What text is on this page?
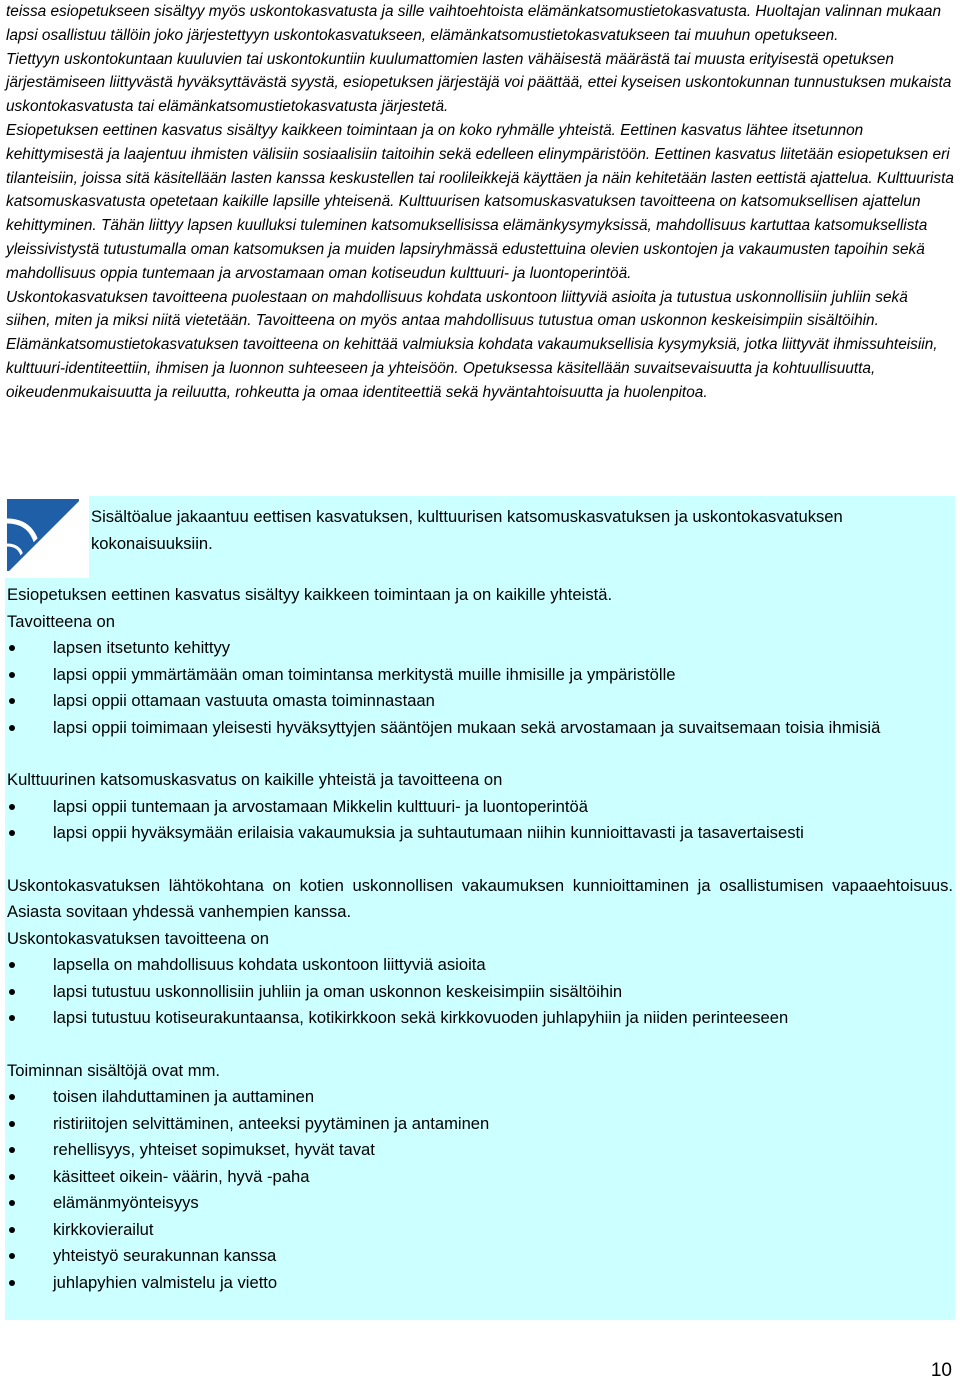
teissa esiopetukseen sisältyy myös uskontokasvatusta ja sille vaihtoehtoista elämänkatsomustietokasvatusta. Huoltajan valinnan mukaan lapsi osallistuu tällöin joko järjestettyyn uskontokasvatukseen, elämänkatsomustietokasvatukseen tai muuhun opetukseen.

Tiettyyn uskontokuntaan kuuluvien tai uskontokuntiin kuulumattomien lasten vähäisestä määrästä tai muusta erityisestä opetuksen järjestämiseen liittyvästä hyväksyttävästä syystä, esiopetuksen järjestäjä voi päättää, ettei kyseisen uskontokunnan tunnustuksen mukaista uskontokasvatusta tai elämänkatsomustietokasvatusta järjestetä.

Esiopetuksen eettinen kasvatus sisältyy kaikkeen toimintaan ja on koko ryhmälle yhteistä. Eettinen kasvatus lähtee itsetunnon kehittymisestä ja laajentuu ihmisten välisiin sosiaalisiin taitoihin sekä edelleen elinympäristöön. Eettinen kasvatus liitetään esiopetuksen eri tilanteisiin, joissa sitä käsitellään lasten kanssa keskustellen tai roolileikkejä käyttäen ja näin kehitetään lasten eettistä ajattelua. Kulttuurista katsomuskasvatusta opetetaan kaikille lapsille yhteisenä. Kulttuurisen katsomuskasvatuksen tavoitteena on katsomuksellisen ajattelun kehittyminen. Tähän liittyy lapsen kuulluksi tuleminen katsomuksellisissa elämänkysymyksissä, mahdollisuus kartuttaa katsomuksellista yleissivistystä tutustumalla oman katsomuksen ja muiden lapsiryhmässä edustettuina olevien uskontojen ja vakaumusten tapoihin sekä mahdollisuus oppia tuntemaan ja arvostamaan oman kotiseudun kulttuuri- ja luontoperintöä.

Uskontokasvatuksen tavoitteena puolestaan on mahdollisuus kohdata uskontoon liittyviä asioita ja tutustua uskonnollisiin juhliin sekä siihen, miten ja miksi niitä vietetään. Tavoitteena on myös antaa mahdollisuus tutustua oman uskonnon keskeisimpiin sisältöihin. Elämänkatsomustietokasvatuksen tavoitteena on kehittää valmiuksia kohdata vakaumuksellisia kysymyksiä, jotka liittyvät ihmissuhteisiin, kulttuuri-identiteettiin, ihmisen ja luonnon suhteeseen ja yhteisöön. Opetuksessa käsitellään suvaitsevaisuutta ja kohtuullisuutta, oikeudenmukaisuutta ja reiluutta, rohkeutta ja omaa identiteettiä sekä hyväntahtoisuutta ja huolenpitoa.

Sisältöalue jakaantuu eettisen kasvatuksen, kulttuurisen katsomuskasvatuksen ja uskontokasvatuksen kokonaisuuksiin.

Esiopetuksen eettinen kasvatus sisältyy kaikkeen toimintaan ja on kaikille yhteistä.

Tavoitteena on

lapsen itsetunto kehittyy
lapsi oppii ymmärtämään oman toimintansa merkitystä muille ihmisille ja ympäristölle
lapsi oppii ottamaan vastuuta omasta toiminnastaan
lapsi oppii toimimaan yleisesti hyväksyttyjen sääntöjen mukaan sekä arvostamaan ja suvaitsemaan toisia ihmisiä

Kulttuurinen katsomuskasvatus on kaikille yhteistä ja tavoitteena on

lapsi oppii tuntemaan ja arvostamaan Mikkelin kulttuuri- ja luontoperintöä
lapsi oppii hyväksymään erilaisia vakaumuksia ja suhtautumaan niihin kunnioittavasti ja tasavertaisesti

Uskontokasvatuksen lähtökohtana on kotien uskonnollisen vakaumuksen kunnioittaminen ja osallistumisen vapaaehtoisuus. Asiasta sovitaan yhdessä vanhempien kanssa.

Uskontokasvatuksen tavoitteena on

lapsella on mahdollisuus kohdata uskontoon liittyviä asioita
lapsi tutustuu uskonnollisiin juhliin ja oman uskonnon keskeisimpiin sisältöihin
lapsi tutustuu kotiseurakuntaansa, kotikirkkoon sekä kirkkovuoden juhlapyhiin ja niiden perinteeseen

Toiminnan sisältöjä ovat mm.

toisen ilahduttaminen ja auttaminen
ristiriitojen selvittäminen, anteeksi pyytäminen ja antaminen
rehellisyys, yhteiset sopimukset, hyvät tavat
käsitteet oikein- väärin, hyvä -paha
elämänmyönteisyys
kirkkovierailut
yhteistyö seurakunnan kanssa
juhlapyhien valmistelu ja vietto
10
